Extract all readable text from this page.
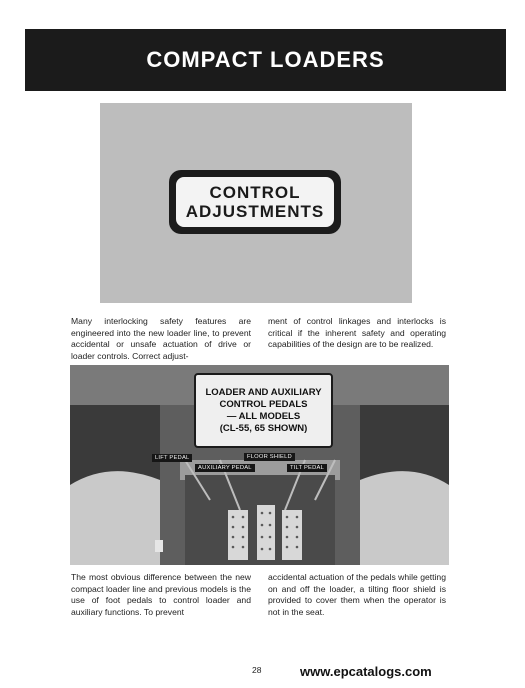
COMPACT LOADERS
CONTROL
ADJUSTMENTS

Many interlocking safety features are engineered into the new loader line, to prevent accidental or unsafe actuation of drive or loader controls. Correct adjust-

ment of control linkages and interlocks is critical if the inherent safety and operating capabilities of the design are to be realized.

LOADER AND AUXILIARY
CONTROL PEDALS
— ALL MODELS
(CL-55, 65 SHOWN)
LIFT PEDAL	FLOOR SHIELD
AUXILIARY PEDAL	TILT PEDAL

The most obvious difference between the new compact loader line and previous models is the use of foot pedals to control loader and auxiliary functions. To prevent

accidental actuation of the pedals while getting on and off the loader, a tilting floor shield is provided to cover them when the operator is not in the seat.

28	www.epcatalogs.com
